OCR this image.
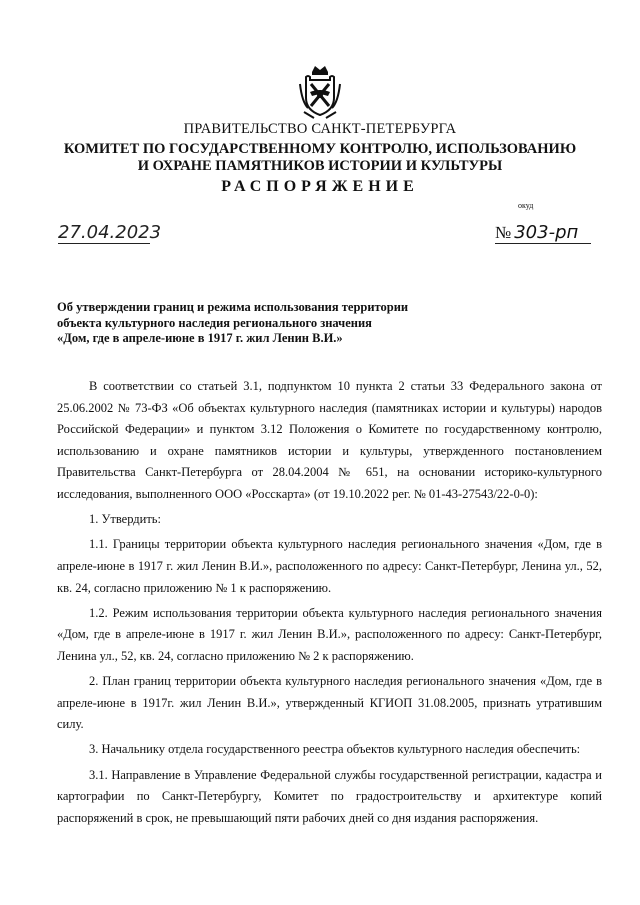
ПРАВИТЕЛЬСТВО САНКТ-ПЕТЕРБУРГА
КОМИТЕТ ПО ГОСУДАРСТВЕННОМУ КОНТРОЛЮ, ИСПОЛЬЗОВАНИЮ
И ОХРАНЕ ПАМЯТНИКОВ ИСТОРИИ И КУЛЬТУРЫ
РАСПОРЯЖЕНИЕ
окуд
27.04.2023	№ 303-рп
Об утверждении границ и режима использования территории
объекта культурного наследия регионального значения
«Дом, где в апреле-июне в 1917 г. жил Ленин В.И.»

В соответствии со статьей 3.1, подпунктом 10 пункта 2 статьи 33 Федерального закона от 25.06.2002 № 73-ФЗ «Об объектах культурного наследия (памятниках истории и культуры) народов Российской Федерации» и пунктом 3.12 Положения о Комитете по государственному контролю, использованию и охране памятников истории и культуры, утвержденного постановлением Правительства Санкт-Петербурга от 28.04.2004 № 651, на основании историко-культурного исследования, выполненного ООО «Росскарта» (от 19.10.2022 рег. № 01-43-27543/22-0-0):

1. Утвердить:

1.1. Границы территории объекта культурного наследия регионального значения «Дом, где в апреле-июне в 1917 г. жил Ленин В.И.», расположенного по адресу: Санкт-Петербург, Ленина ул., 52, кв. 24, согласно приложению № 1 к распоряжению.

1.2. Режим использования территории объекта культурного наследия регионального значения «Дом, где в апреле-июне в 1917 г. жил Ленин В.И.», расположенного по адресу: Санкт-Петербург, Ленина ул., 52, кв. 24, согласно приложению № 2 к распоряжению.

2. План границ территории объекта культурного наследия регионального значения «Дом, где в апреле-июне в 1917г. жил Ленин В.И.», утвержденный КГИОП 31.08.2005, признать утратившим силу.

3. Начальнику отдела государственного реестра объектов культурного наследия обеспечить:

3.1. Направление в Управление Федеральной службы государственной регистрации, кадастра и картографии по Санкт-Петербургу, Комитет по градостроительству и архитектуре копий распоряжений в срок, не превышающий пяти рабочих дней со дня издания распоряжения.
